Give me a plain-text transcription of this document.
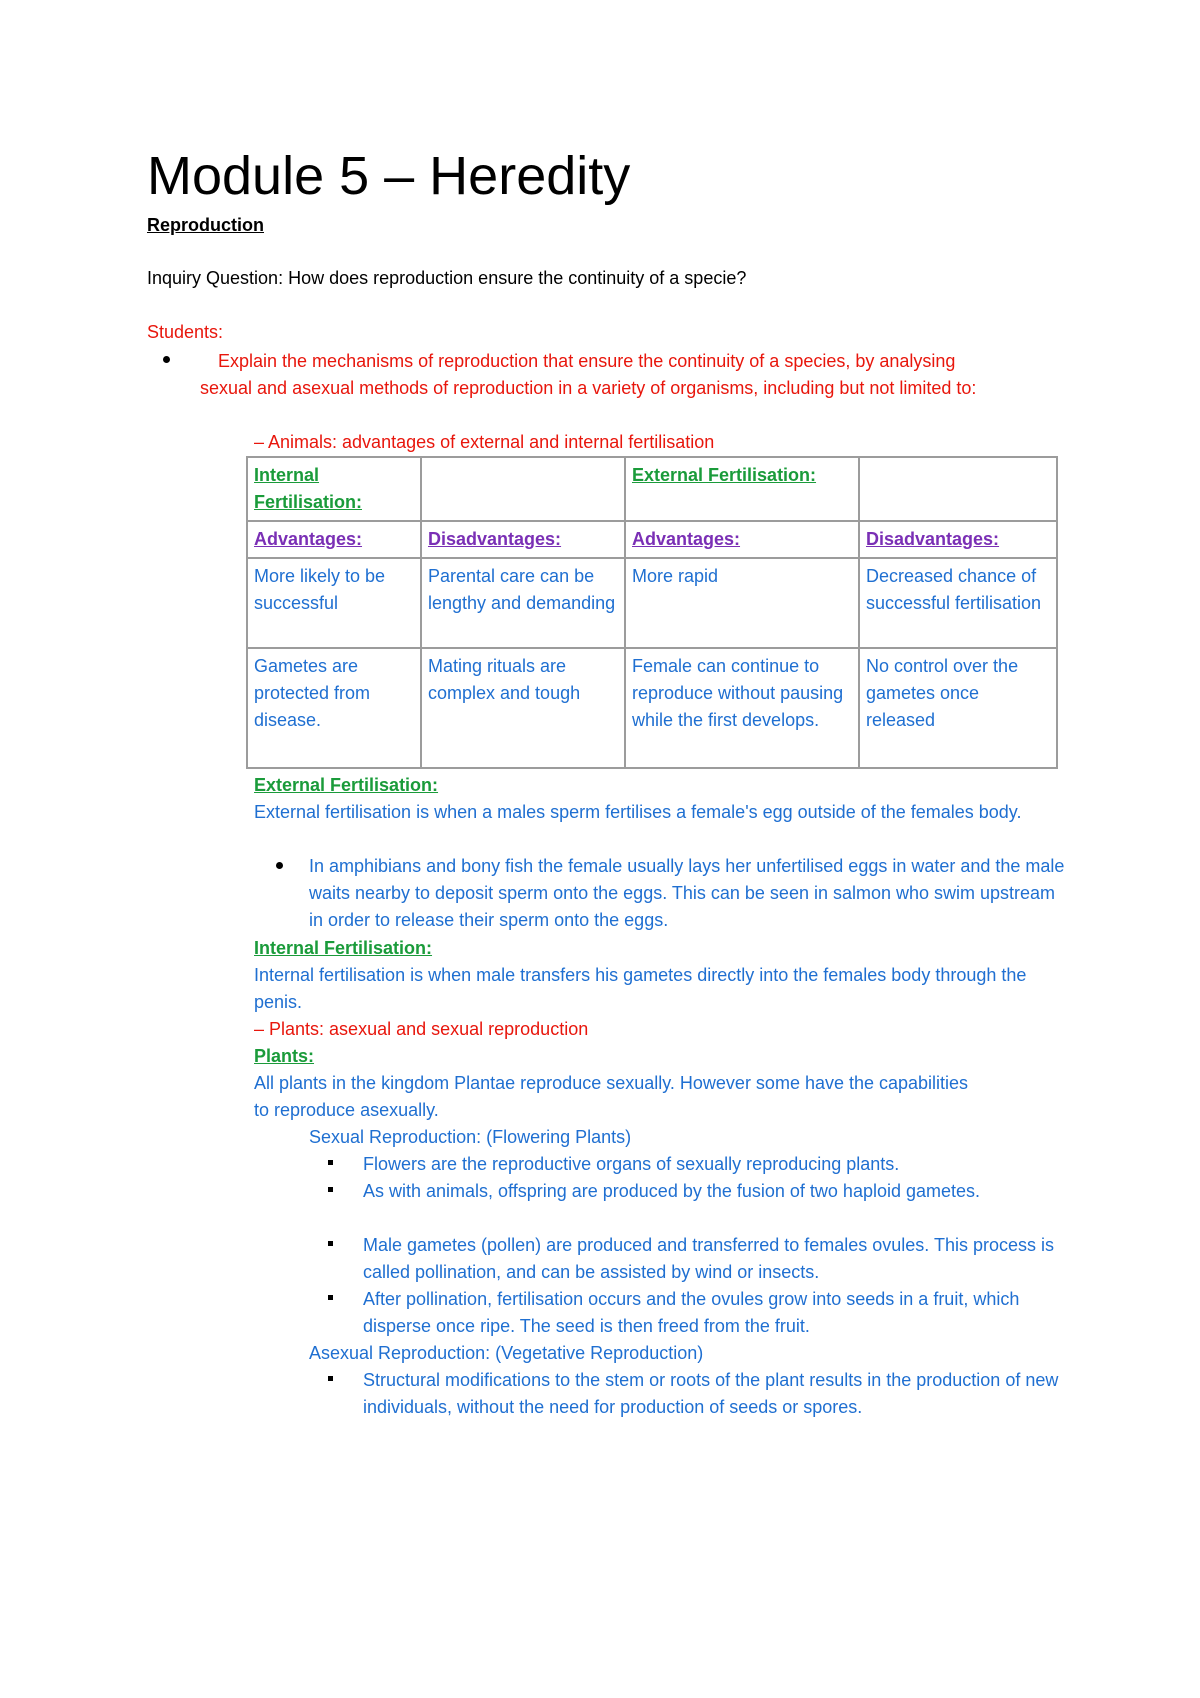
Module 5 – Heredity
Reproduction
Inquiry Question: How does reproduction ensure the continuity of a specie?
Students:
Explain the mechanisms of reproduction that ensure the continuity of a species, by analysing
sexual and asexual methods of reproduction in a variety of organisms, including but not limited to:
– Animals: advantages of external and internal fertilisation
Internal Fertilisation:		External Fertilisation:	
Advantages:	Disadvantages:	Advantages:	Disadvantages:
More likely to be successful	Parental care can be lengthy and demanding	More rapid	Decreased chance of successful fertilisation
Gametes are protected from disease.	Mating rituals are complex and tough	Female can continue to reproduce without pausing while the first develops.	No control over the gametes once released
External Fertilisation:
External fertilisation is when a males sperm fertilises a female's egg outside of the females body.
In amphibians and bony fish the female usually lays her unfertilised eggs in water and the male waits nearby to deposit sperm onto the eggs. This can be seen in salmon who swim upstream in order to release their sperm onto the eggs.
Internal Fertilisation:
Internal fertilisation is when male transfers his gametes directly into the females body through the penis.
– Plants: asexual and sexual reproduction
Plants:
All plants in the kingdom Plantae reproduce sexually. However some have the capabilities to reproduce asexually.
Sexual Reproduction: (Flowering Plants)
Flowers are the reproductive organs of sexually reproducing plants.
As with animals, offspring are produced by the fusion of two haploid gametes.
Male gametes (pollen) are produced and transferred to females ovules. This process is called pollination, and can be assisted by wind or insects.
After pollination, fertilisation occurs and the ovules grow into seeds in a fruit, which disperse once ripe. The seed is then freed from the fruit.
Asexual Reproduction: (Vegetative Reproduction)
Structural modifications to the stem or roots of the plant results in the production of new individuals, without the need for production of seeds or spores.
